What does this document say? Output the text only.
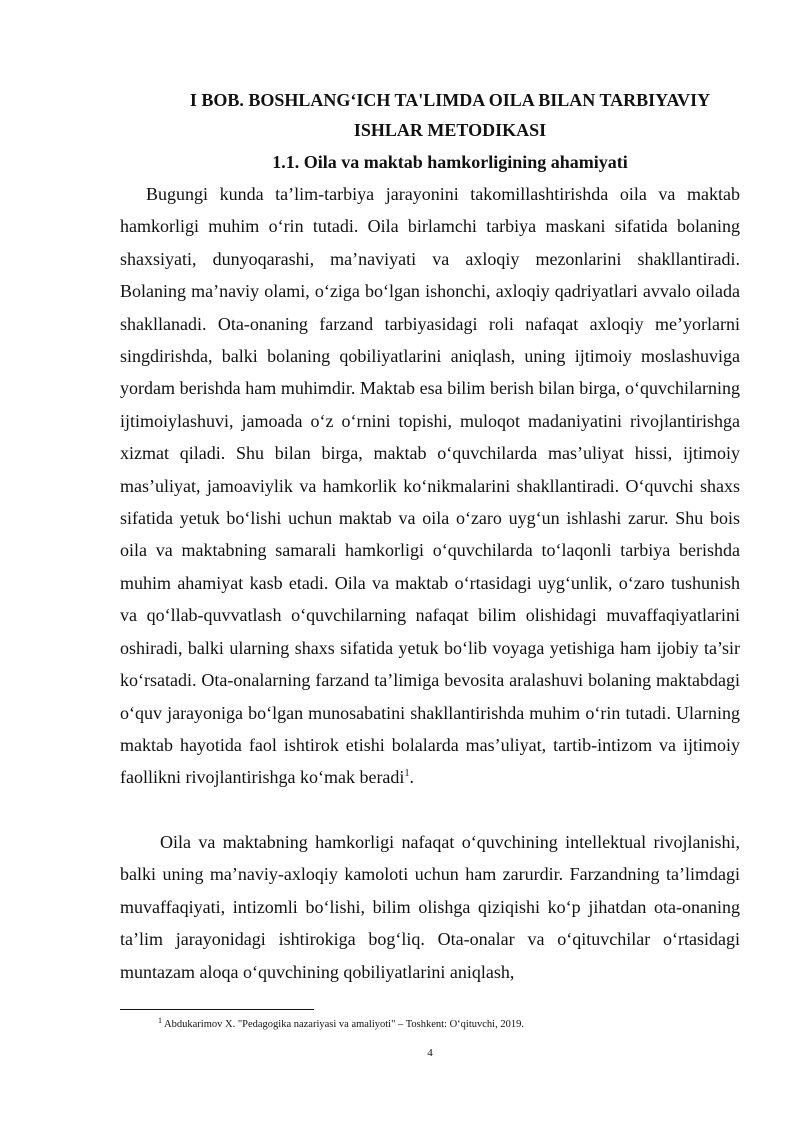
I BOB. BOSHLANG‘ICH TA'LIMDA OILA BILAN TARBIYAVIY
ISHLAR METODIKASI
1.1. Oila va maktab hamkorligining ahamiyati

Bugungi kunda ta’lim-tarbiya jarayonini takomillashtirishda oila va maktab hamkorligi muhim o‘rin tutadi. Oila birlamchi tarbiya maskani sifatida bolaning shaxsiyati, dunyoqarashi, ma’naviyati va axloqiy mezonlarini shakllantiradi. Bolaning ma’naviy olami, o‘ziga bo‘lgan ishonchi, axloqiy qadriyatlari avvalo oilada shakllanadi. Ota-onaning farzand tarbiyasidagi roli nafaqat axloqiy me’yorlarni singdirishda, balki bolaning qobiliyatlarini aniqlash, uning ijtimoiy moslashuviga yordam berishda ham muhimdir. Maktab esa bilim berish bilan birga, o‘quvchilarning ijtimoiylashuvi, jamoada o‘z o‘rnini topishi, muloqot madaniyatini rivojlantirishga xizmat qiladi. Shu bilan birga, maktab o‘quvchilarda mas’uliyat hissi, ijtimoiy mas’uliyat, jamoaviylik va hamkorlik ko‘nikmalarini shakllantiradi. O‘quvchi shaxs sifatida yetuk bo‘lishi uchun maktab va oila o‘zaro uyg‘un ishlashi zarur. Shu bois oila va maktabning samarali hamkorligi o‘quvchilarda to‘laqonli tarbiya berishda muhim ahamiyat kasb etadi. Oila va maktab o‘rtasidagi uyg‘unlik, o‘zaro tushunish va qo‘llab-quvvatlash o‘quvchilarning nafaqat bilim olishidagi muvaffaqiyatlarini oshiradi, balki ularning shaxs sifatida yetuk bo‘lib voyaga yetishiga ham ijobiy ta’sir ko‘rsatadi. Ota-onalarning farzand ta’limiga bevosita aralashuvi bolaning maktabdagi o‘quv jarayoniga bo‘lgan munosabatini shakllantirishda muhim o‘rin tutadi. Ularning maktab hayotida faol ishtirok etishi bolalarda mas’uliyat, tartib-intizom va ijtimoiy faollikni rivojlantirishga ko‘mak beradi$^1$.

Oila va maktabning hamkorligi nafaqat o‘quvchining intellektual rivojlanishi, balki uning ma’naviy-axloqiy kamoloti uchun ham zarurdir. Farzandning ta’limdagi muvaffaqiyati, intizomli bo‘lishi, bilim olishga qiziqishi ko‘p jihatdan ota-onaning ta’lim jarayonidagi ishtirokiga bog‘liq. Ota-onalar va o‘qituvchilar o‘rtasidagi muntazam aloqa o‘quvchining qobiliyatlarini aniqlash,

$^1$ Abdukarimov X. "Pedagogika nazariyasi va amaliyoti" – Toshkent: O‘qituvchi, 2019.

4
